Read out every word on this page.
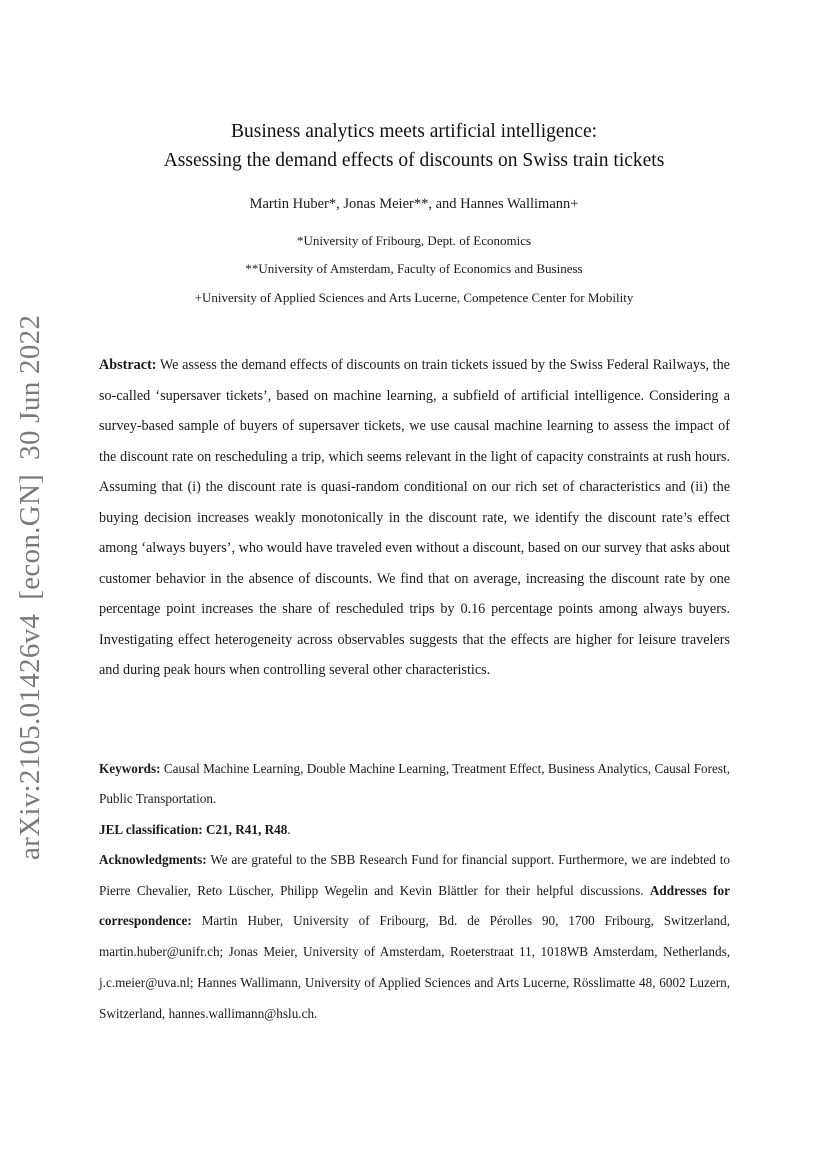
arXiv:2105.01426v4[econ.GN]30 Jun 2022
Business analytics meets artificial intelligence:
Assessing the demand effects of discounts on Swiss train tickets
Martin Huber*, Jonas Meier**, and Hannes Wallimann+
*University of Fribourg, Dept. of Economics
**University of Amsterdam, Faculty of Economics and Business
+University of Applied Sciences and Arts Lucerne, Competence Center for Mobility
Abstract: We assess the demand effects of discounts on train tickets issued by the Swiss Federal Railways, the so-called ‘supersaver tickets’, based on machine learning, a subfield of artificial intelligence. Considering a survey-based sample of buyers of supersaver tickets, we use causal machine learning to assess the impact of the discount rate on rescheduling a trip, which seems relevant in the light of capacity constraints at rush hours. Assuming that (i) the discount rate is quasi-random conditional on our rich set of characteristics and (ii) the buying decision increases weakly monotonically in the discount rate, we identify the discount rate’s effect among ‘always buyers’, who would have traveled even without a discount, based on our survey that asks about customer behavior in the absence of discounts. We find that on average, increasing the discount rate by one percentage point increases the share of rescheduled trips by 0.16 percentage points among always buyers. Investigating effect heterogeneity across observables suggests that the effects are higher for leisure travelers and during peak hours when controlling several other characteristics.
Keywords: Causal Machine Learning, Double Machine Learning, Treatment Effect, Business Analytics, Causal Forest, Public Transportation.
JEL classification: C21, R41, R48.
Acknowledgments: We are grateful to the SBB Research Fund for financial support. Furthermore, we are indebted to Pierre Chevalier, Reto Lüscher, Philipp Wegelin and Kevin Blättler for their helpful discussions. Addresses for correspondence: Martin Huber, University of Fribourg, Bd. de Pérolles 90, 1700 Fribourg, Switzerland, martin.huber@unifr.ch; Jonas Meier, University of Amsterdam, Roeterstraat 11, 1018WB Amsterdam, Netherlands, j.c.meier@uva.nl; Hannes Wallimann, University of Applied Sciences and Arts Lucerne, Rösslimatte 48, 6002 Luzern, Switzerland, hannes.wallimann@hslu.ch.
